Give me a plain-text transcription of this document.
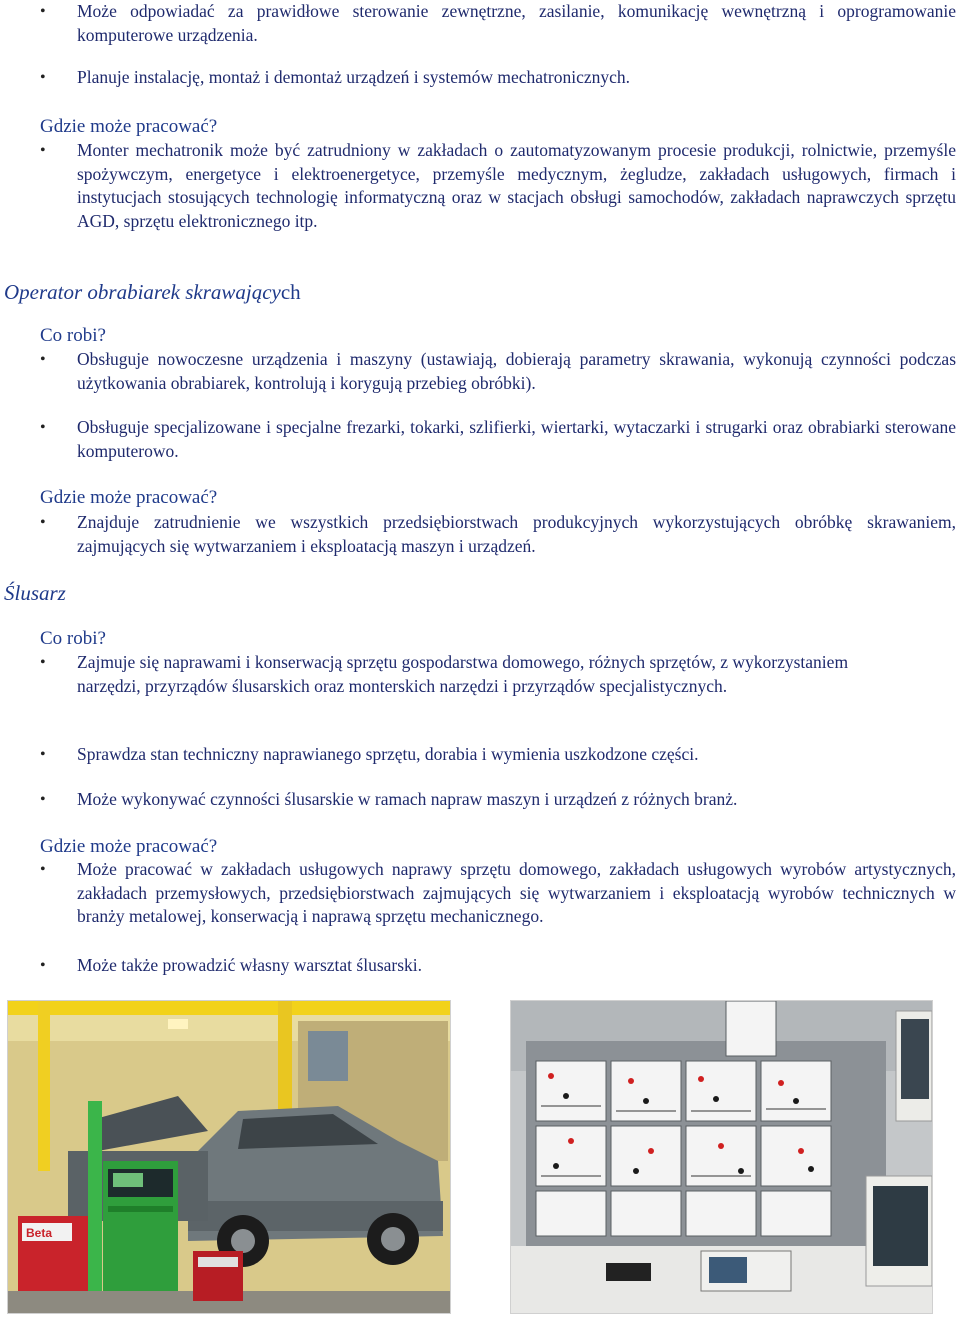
• Może odpowiadać za prawidłowe sterowanie zewnętrzne, zasilanie, komunikację wewnętrzną i oprogramowanie komputerowe urządzenia.

• Planuje instalację, montaż i demontaż urządzeń i systemów mechatronicznych.

Gdzie może pracować?

• Monter mechatronik może być zatrudniony w zakładach o zautomatyzowanym procesie produkcji, rolnictwie, przemyśle spożywczym, energetyce i elektroenergetyce, przemyśle medycznym, żegludze, zakładach usługowych, firmach i instytucjach stosujących technologię informatyczną oraz w stacjach obsługi samochodów, zakładach naprawczych sprzętu AGD, sprzętu elektronicznego itp.

Operator obrabiarek skrawających

Co robi?

• Obsługuje nowoczesne urządzenia i maszyny (ustawiają, dobierają parametry skrawania, wykonują czynności podczas użytkowania obrabiarek, kontrolują i korygują przebieg obróbki).

• Obsługuje specjalizowane i specjalne frezarki, tokarki, szlifierki, wiertarki, wytaczarki i strugarki oraz obrabiarki sterowane komputerowo.

Gdzie może pracować?

• Znajduje zatrudnienie we wszystkich przedsiębiorstwach produkcyjnych wykorzystujących obróbkę skrawaniem, zajmujących się wytwarzaniem i eksploatacją maszyn i urządzeń.

Ślusarz

Co robi?

• Zajmuje się naprawami i konserwacją sprzętu gospodarstwa domowego, różnych sprzętów, z wykorzystaniem narzędzi, przyrządów ślusarskich oraz monterskich narzędzi i przyrządów specjalistycznych.

• Sprawdza stan techniczny naprawianego sprzętu, dorabia i wymienia uszkodzone części.

• Może wykonywać czynności ślusarskie w ramach napraw maszyn i urządzeń z różnych branż.

Gdzie może pracować?

• Może pracować w zakładach usługowych naprawy sprzętu domowego, zakładach usługowych wyrobów artystycznych, zakładach przemysłowych, przedsiębiorstwach zajmujących się wytwarzaniem i eksploatacją wyrobów technicznych w branży metalowej, konserwacją i naprawą sprzętu mechanicznego.

• Może także prowadzić własny warsztat ślusarski.

Beta
